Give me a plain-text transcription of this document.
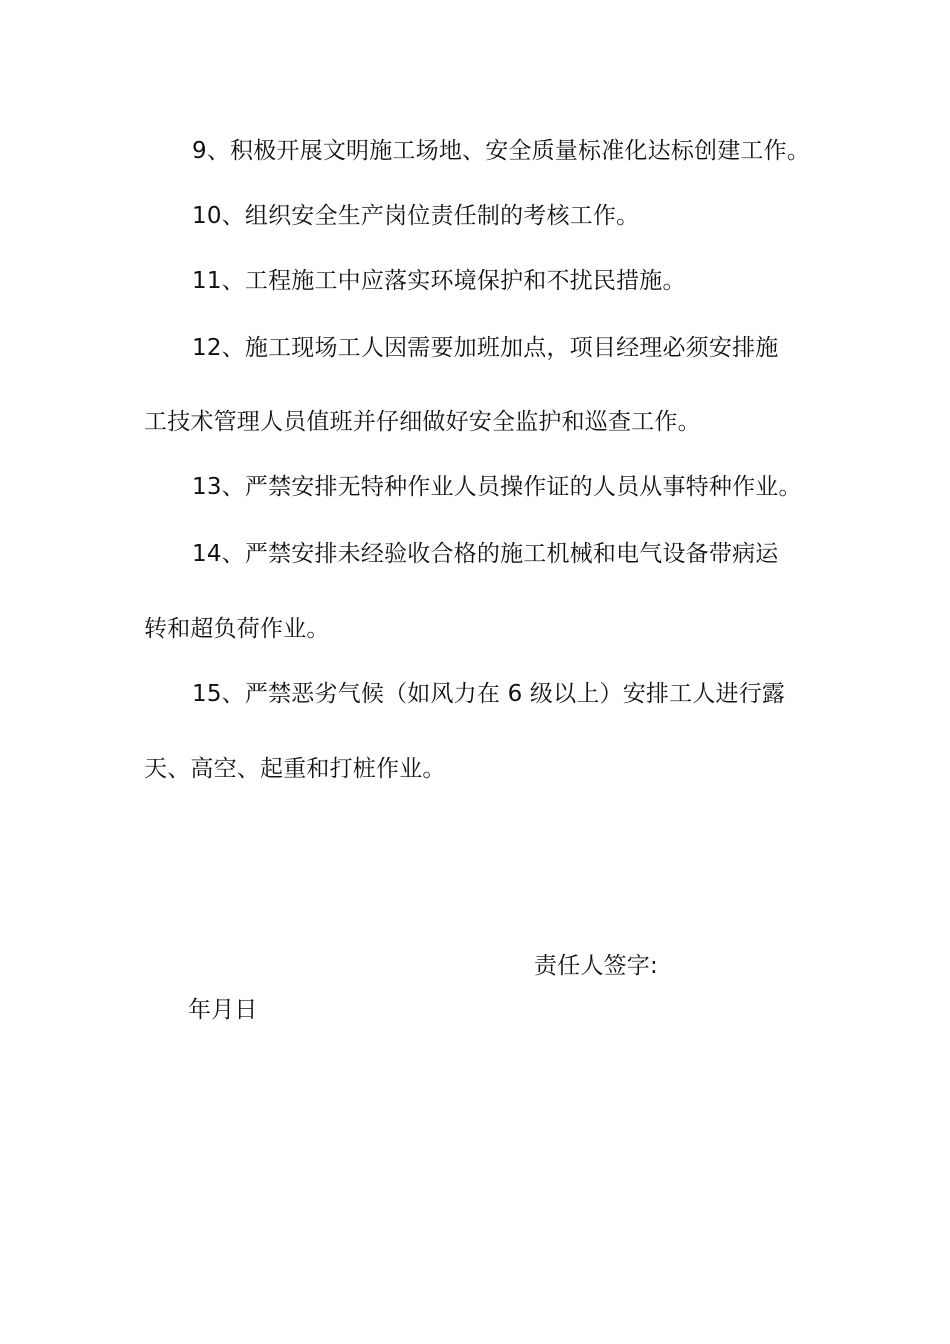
9、积极开展文明施工场地、安全质量标准化达标创建工作。
10、组织安全生产岗位责任制的考核工作。
11、工程施工中应落实环境保护和不扰民措施。
12、施工现场工人因需要加班加点，项目经理必须安排施
工技术管理人员值班并仔细做好安全监护和巡查工作。
13、严禁安排无特种作业人员操作证的人员从事特种作业。
14、严禁安排未经验收合格的施工机械和电气设备带病运
转和超负荷作业。
15、严禁恶劣气候（如风力在 6 级以上）安排工人进行露
天、高空、起重和打桩作业。
责任人签字:
年月日
